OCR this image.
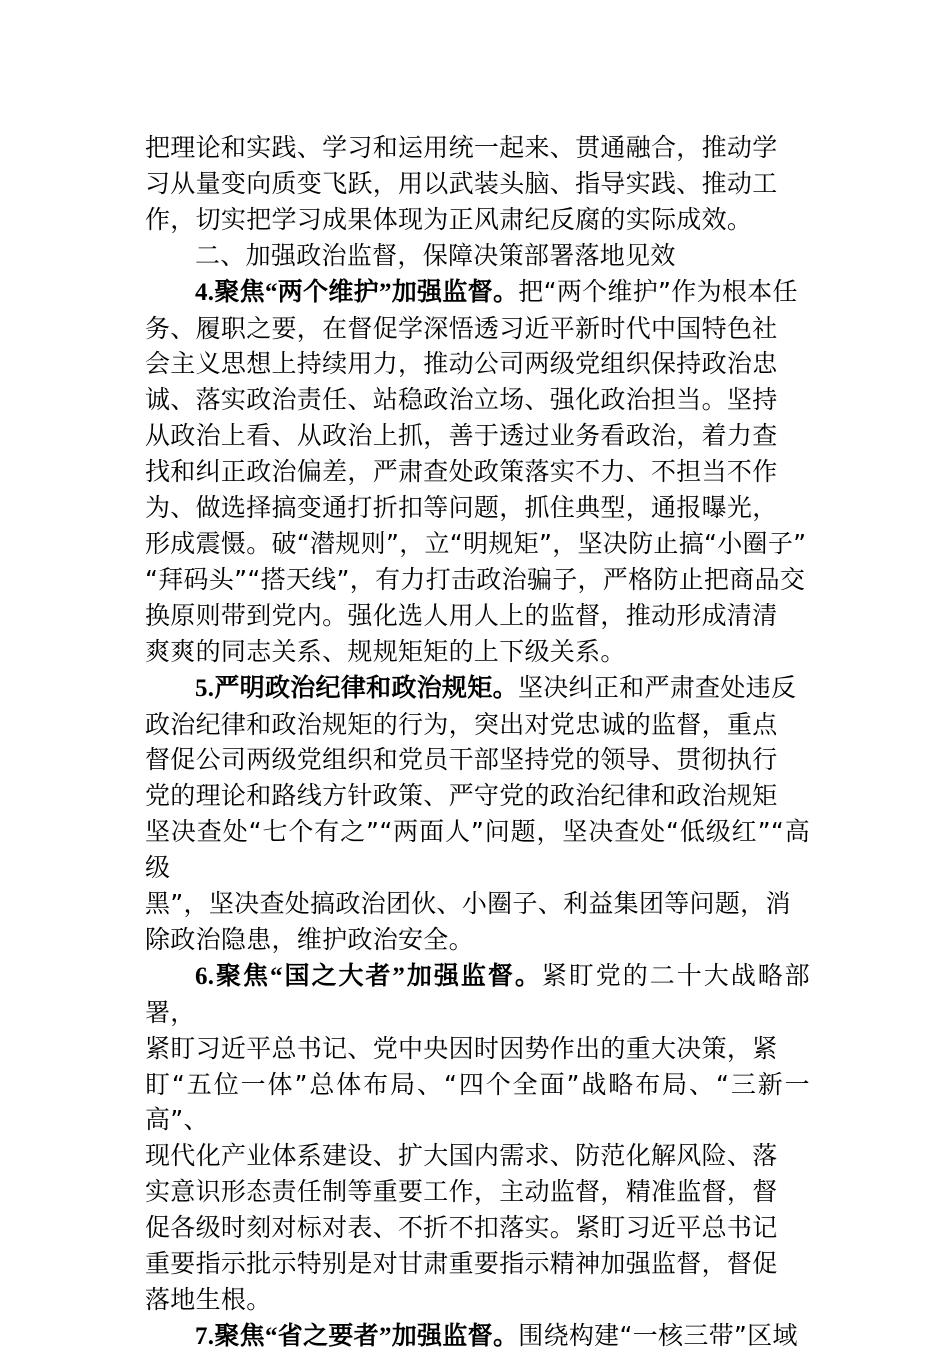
把理论和实践、学习和运用统一起来、贯通融合，推动学
习从量变向质变飞跃，用以武装头脑、指导实践、推动工
作，切实把学习成果体现为正风肃纪反腐的实际成效。

二、加强政治监督，保障决策部署落地见效

4.聚焦“两个维护”加强监督。把“两个维护”作为根本任
务、履职之要，在督促学深悟透习近平新时代中国特色社
会主义思想上持续用力，推动公司两级党组织保持政治忠
诚、落实政治责任、站稳政治立场、强化政治担当。坚持
从政治上看、从政治上抓，善于透过业务看政治，着力查
找和纠正政治偏差，严肃查处政策落实不力、不担当不作
为、做选择搞变通打折扣等问题，抓住典型，通报曝光，
形成震慑。破“潜规则”，立“明规矩”，坚决防止搞“小圈子”
“拜码头”“搭天线”，有力打击政治骗子，严格防止把商品交
换原则带到党内。强化选人用人上的监督，推动形成清清
爽爽的同志关系、规规矩矩的上下级关系。

5.严明政治纪律和政治规矩。坚决纠正和严肃查处违反
政治纪律和政治规矩的行为，突出对党忠诚的监督，重点
督促公司两级党组织和党员干部坚持党的领导、贯彻执行
党的理论和路线方针政策、严守党的政治纪律和政治规矩
坚决查处“七个有之”“两面人”问题，坚决查处“低级红”“高级
黑”，坚决查处搞政治团伙、小圈子、利益集团等问题，消
除政治隐患，维护政治安全。

6.聚焦“国之大者”加强监督。紧盯党的二十大战略部署，
紧盯习近平总书记、党中央因时因势作出的重大决策，紧
盯“五位一体”总体布局、“四个全面”战略布局、“三新一高”、
现代化产业体系建设、扩大国内需求、防范化解风险、落
实意识形态责任制等重要工作，主动监督，精准监督，督
促各级时刻对标对表、不折不扣落实。紧盯习近平总书记
重要指示批示特别是对甘肃重要指示精神加强监督，督促
落地生根。

7.聚焦“省之要者”加强监督。围绕构建“一核三带”区域
